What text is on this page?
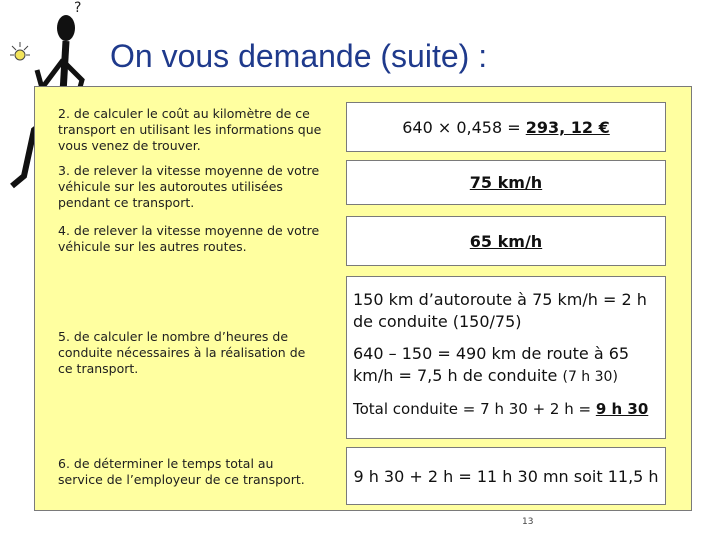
?
On vous demande (suite) :
2. de calculer le coût au kilomètre de ce transport en utilisant les informations que vous venez de trouver.
3. de relever la vitesse moyenne de votre véhicule sur les autoroutes utilisées pendant ce transport.
4. de relever la vitesse moyenne de votre véhicule sur les autres routes.
5. de calculer le nombre d’heures de conduite nécessaires à la réalisation de ce transport.
6. de déterminer le temps total au service de l’employeur de ce transport.
640 × 0,458 =
293, 12 €
75 km/h
65 km/h
150 km d’autoroute à 75 km/h = 2 h de conduite (150/75)
640 – 150 = 490 km de route à 65 km/h = 7,5 h de conduite (7 h 30)
Total conduite = 7 h 30 + 2 h = 9 h 30
9 h 30 + 2 h = 11 h 30 mn soit 11,5 h
13
